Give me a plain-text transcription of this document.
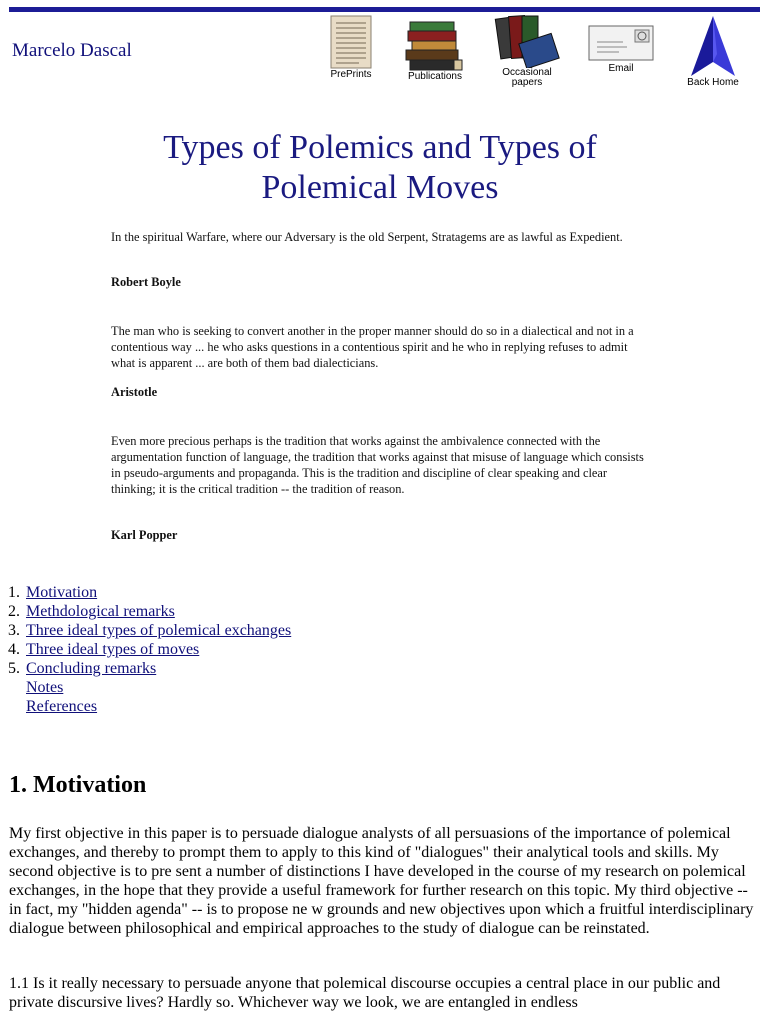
Marcelo Dascal
PrePrints	Publications	Occasional papers
Email
Back Home
Types of Polemics and Types of Polemical Moves
In the spiritual Warfare, where our Adversary is the old Serpent, Stratagems are as lawful as Expedient.
Robert Boyle
The man who is seeking to convert another in the proper manner should do so in a dialectical and not in a contentious way ... he who asks questions in a contentious spirit and he who in replying refuses to admit what is apparent ... are both of them bad dialecticians.
Aristotle
Even more precious perhaps is the tradition that works against the ambivalence connected with the argumentation function of language, the tradition that works against that misuse of language which consists in pseudo-arguments and propaganda. This is the tradition and discipline of clear speaking and clear thinking; it is the critical tradition -- the tradition of reason.
Karl Popper
1. Motivation
2. Methdological remarks
3. Three ideal types of polemical exchanges
4. Three ideal types of moves
5. Concluding remarks
Notes
References
1. Motivation

My first objective in this paper is to persuade dialogue analysts of all persuasions of the importance of polemical exchanges, and thereby to prompt them to apply to this kind of "dialogues" their analytical tools and skills. My second objective is to pre sent a number of distinctions I have developed in the course of my research on polemical exchanges, in the hope that they provide a useful framework for further research on this topic. My third objective -- in fact, my "hidden agenda" -- is to propose ne w grounds and new objectives upon which a fruitful interdisciplinary dialogue between philosophical and empirical approaches to the study of dialogue can be reinstated.

1.1 Is it really necessary to persuade anyone that polemical discourse occupies a central place in our public and private discursive lives? Hardly so. Whichever way we look, we are entangled in endless
